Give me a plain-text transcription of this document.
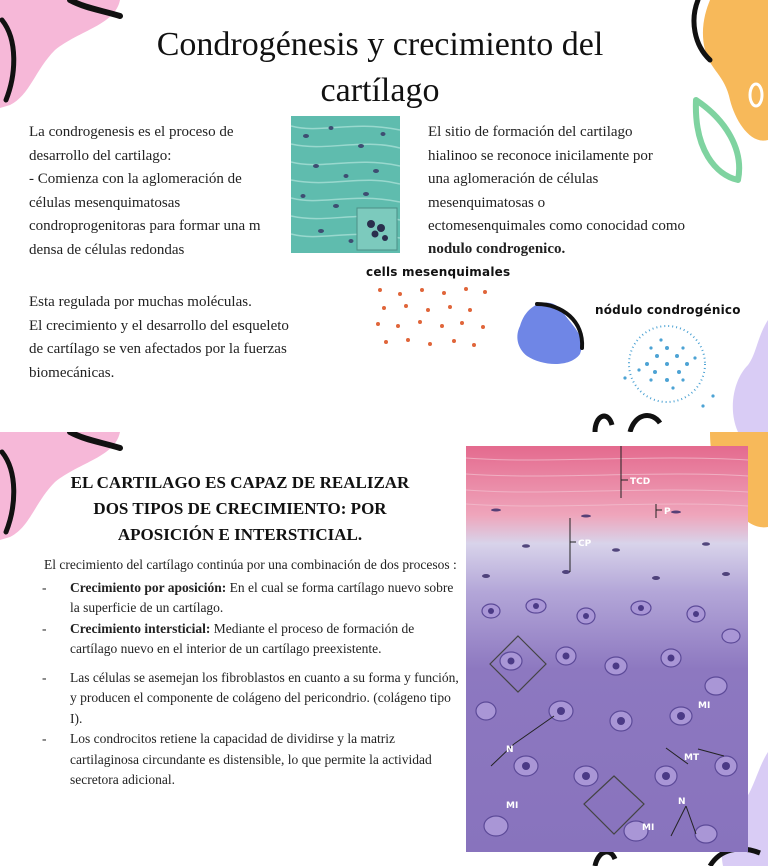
Condrogénesis y crecimiento del cartílago
La condrogenesis es el proceso de
desarrollo del cartilago:
- Comienza con la aglomeración de
células mesenquimatosas
condroprogenitoras para formar una m
densa de células redondas
El sitio de formación del cartilago
hialinoo se reconoce inicilamente por
una aglomeración de células
mesenquimatosas o
ectomesenquimales como conocidad como
nodulo condrogenico.
Esta regulada por muchas moléculas.
El crecimiento y el desarrollo del esqueleto
de cartílago se ven afectados por la fuerzas
biomecánicas.
cells mesenquimales
nódulo condrogénico
EL CARTILAGO ES CAPAZ DE REALIZAR DOS TIPOS DE CRECIMIENTO: POR APOSICIÓN E INTERSTICIAL.

El crecimiento del cartílago continúa por una combinación de dos procesos :

- Crecimiento por aposición: En el cual se forma cartílago nuevo sobre la superficie de un cartílago.
- Crecimiento intersticial: Mediante el proceso de formación de cartílago nuevo en el interior de un cartílago preexistente.
- Las células se asemejan los fibroblastos en cuanto a su forma y función, y producen el componente de colágeno del pericondrio. (colágeno tipo I).
- Los condrocitos retiene la capacidad de dividirse y la matriz cartilaginosa circundante es distensible, lo que permite la actividad secretora adicional.
TCD
P
CP
MI
MT
N
N
MI
MI
